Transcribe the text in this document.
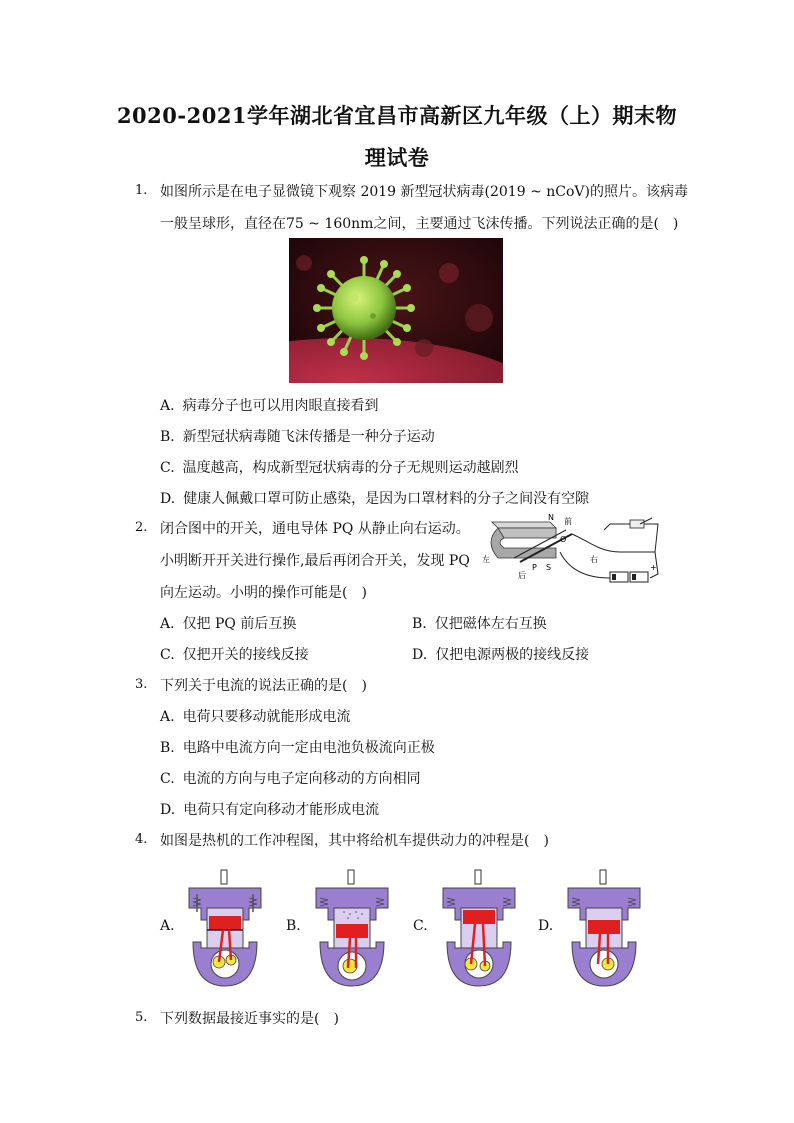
2020-2021学年湖北省宜昌市高新区九年级（上）期末物
理试卷
1. 如图所示是在电子显微镜下观察 2019 新型冠状病毒(2019 ~ nCoV)的照片。该病毒
一般呈球形，直径在75 ~ 160nm之间，主要通过飞沫传播。下列说法正确的是(　)
A. 病毒分子也可以用肉眼直接看到
B. 新型冠状病毒随飞沫传播是一种分子运动
C. 温度越高，构成新型冠状病毒的分子无规则运动越剧烈
D. 健康人佩戴口罩可防止感染，是因为口罩材料的分子之间没有空隙
2. 闭合图中的开关，通电导体 PQ 从静止向右运动。
小明断开开关进行操作,最后再闭合开关，发现 PQ
向左运动。小明的操作可能是(　)
N 前
O
左	右
后
P S	+
A. 仅把 PQ 前后互换	B. 仅把磁体左右互换
C. 仅把开关的接线反接	D. 仅把电源两极的接线反接
3. 下列关于电流的说法正确的是(　)
A. 电荷只要移动就能形成电流
B. 电路中电流方向一定由电池负极流向正极
C. 电流的方向与电子定向移动的方向相同
D. 电荷只有定向移动才能形成电流
4. 如图是热机的工作冲程图，其中将给机车提供动力的冲程是(　)
A.	B.	C.	D.
5. 下列数据最接近事实的是(　)
